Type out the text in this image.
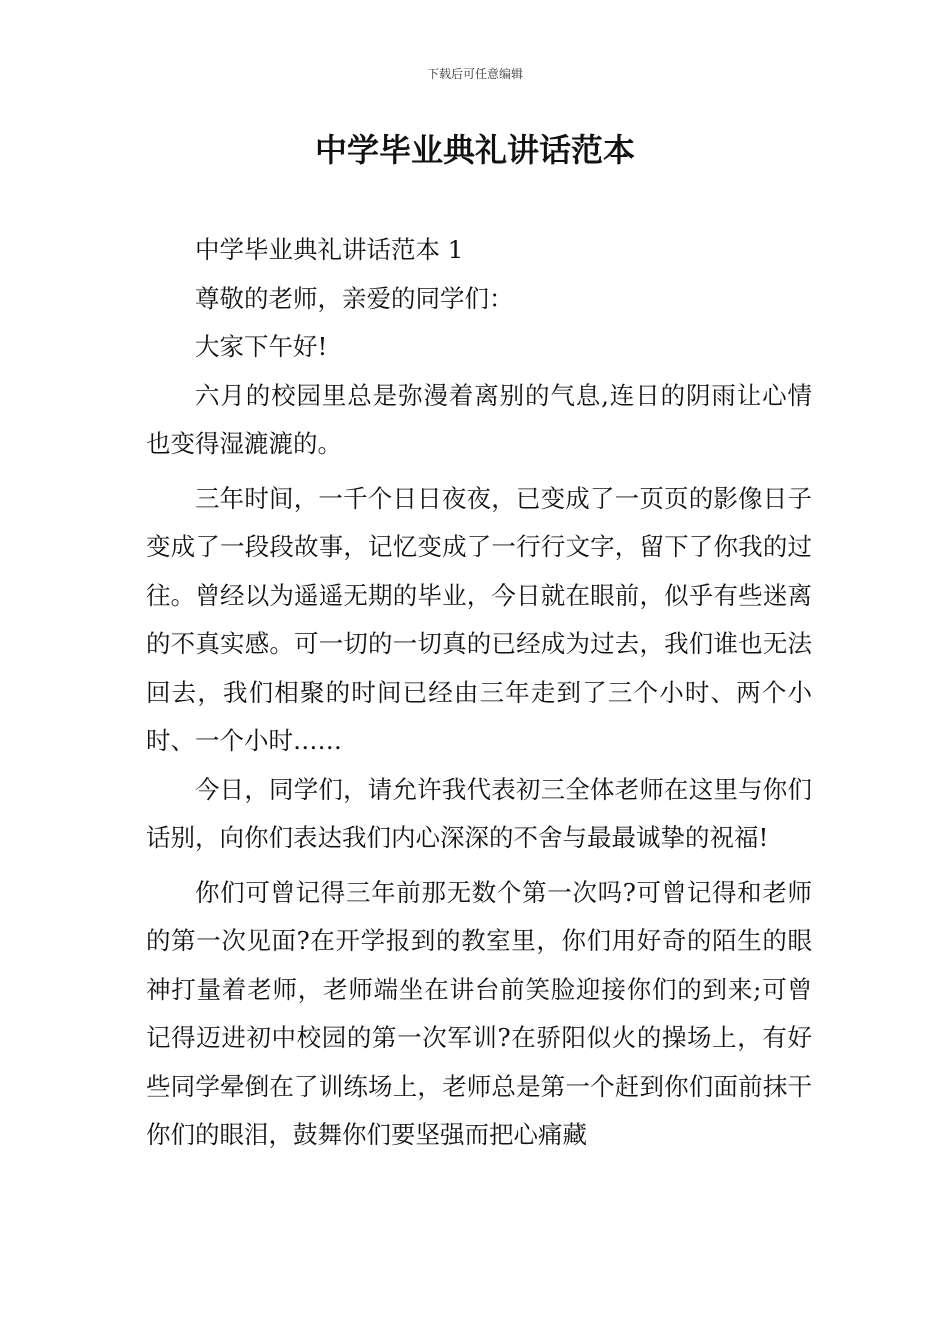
下载后可任意编辑
中学毕业典礼讲话范本

中学毕业典礼讲话范本 1

尊敬的老师，亲爱的同学们：

大家下午好!

六月的校园里总是弥漫着离别的气息,连日的阴雨让心情也变得湿漉漉的。

三年时间，一千个日日夜夜，已变成了一页页的影像日子变成了一段段故事，记忆变成了一行行文字，留下了你我的过往。曾经以为遥遥无期的毕业，今日就在眼前，似乎有些迷离的不真实感。可一切的一切真的已经成为过去，我们谁也无法回去，我们相聚的时间已经由三年走到了三个小时、两个小时、一个小时……

今日，同学们，请允许我代表初三全体老师在这里与你们话别，向你们表达我们内心深深的不舍与最最诚挚的祝福!

你们可曾记得三年前那无数个第一次吗?可曾记得和老师的第一次见面?在开学报到的教室里，你们用好奇的陌生的眼神打量着老师，老师端坐在讲台前笑脸迎接你们的到来;可曾记得迈进初中校园的第一次军训?在骄阳似火的操场上，有好些同学晕倒在了训练场上，老师总是第一个赶到你们面前抹干你们的眼泪，鼓舞你们要坚强而把心痛藏
